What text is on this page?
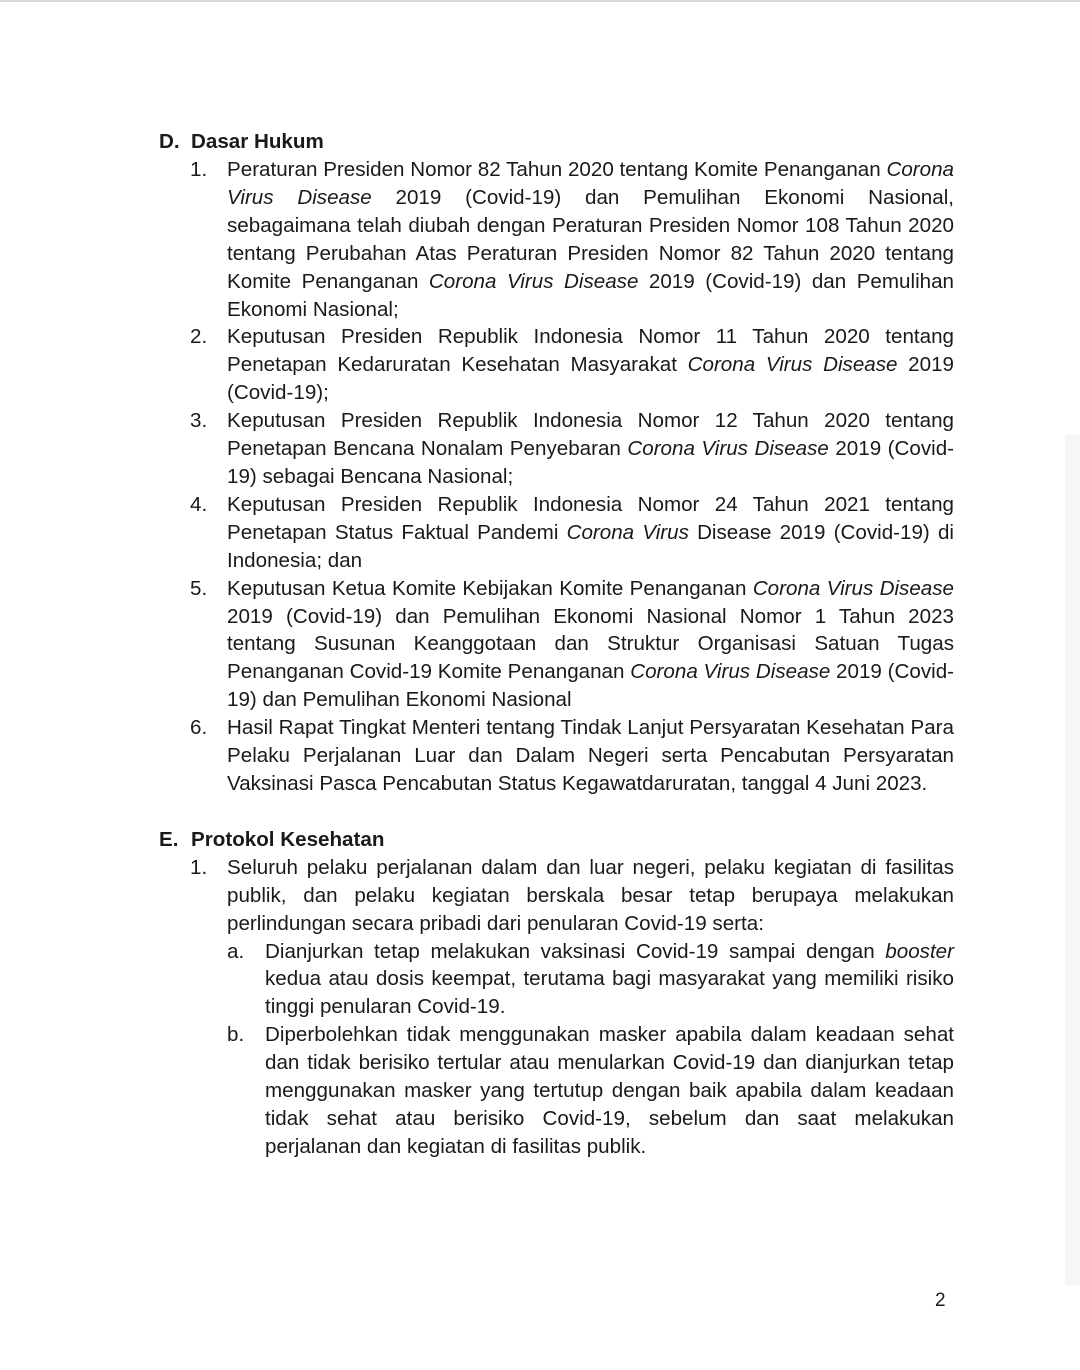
D. Dasar Hukum
1. Peraturan Presiden Nomor 82 Tahun 2020 tentang Komite Penanganan Corona Virus Disease 2019 (Covid-19) dan Pemulihan Ekonomi Nasional, sebagaimana telah diubah dengan Peraturan Presiden Nomor 108 Tahun 2020 tentang Perubahan Atas Peraturan Presiden Nomor 82 Tahun 2020 tentang Komite Penanganan Corona Virus Disease 2019 (Covid-19) dan Pemulihan Ekonomi Nasional;
2. Keputusan Presiden Republik Indonesia Nomor 11 Tahun 2020 tentang Penetapan Kedaruratan Kesehatan Masyarakat Corona Virus Disease 2019 (Covid-19);
3. Keputusan Presiden Republik Indonesia Nomor 12 Tahun 2020 tentang Penetapan Bencana Nonalam Penyebaran Corona Virus Disease 2019 (Covid-19) sebagai Bencana Nasional;
4. Keputusan Presiden Republik Indonesia Nomor 24 Tahun 2021 tentang Penetapan Status Faktual Pandemi Corona Virus Disease 2019 (Covid-19) di Indonesia; dan
5. Keputusan Ketua Komite Kebijakan Komite Penanganan Corona Virus Disease 2019 (Covid-19) dan Pemulihan Ekonomi Nasional Nomor 1 Tahun 2023 tentang Susunan Keanggotaan dan Struktur Organisasi Satuan Tugas Penanganan Covid-19 Komite Penanganan Corona Virus Disease 2019 (Covid-19) dan Pemulihan Ekonomi Nasional
6. Hasil Rapat Tingkat Menteri tentang Tindak Lanjut Persyaratan Kesehatan Para Pelaku Perjalanan Luar dan Dalam Negeri serta Pencabutan Persyaratan Vaksinasi Pasca Pencabutan Status Kegawatdaruratan, tanggal 4 Juni 2023.
E. Protokol Kesehatan
1. Seluruh pelaku perjalanan dalam dan luar negeri, pelaku kegiatan di fasilitas publik, dan pelaku kegiatan berskala besar tetap berupaya melakukan perlindungan secara pribadi dari penularan Covid-19 serta:
a.	Dianjurkan tetap melakukan vaksinasi Covid-19 sampai dengan booster kedua atau dosis keempat, terutama bagi masyarakat yang memiliki risiko tinggi penularan Covid-19.
b.	Diperbolehkan tidak menggunakan masker apabila dalam keadaan sehat dan tidak berisiko tertular atau menularkan Covid-19 dan dianjurkan tetap menggunakan masker yang tertutup dengan baik apabila dalam keadaan tidak sehat atau berisiko Covid-19, sebelum dan saat melakukan perjalanan dan kegiatan di fasilitas publik.
2
